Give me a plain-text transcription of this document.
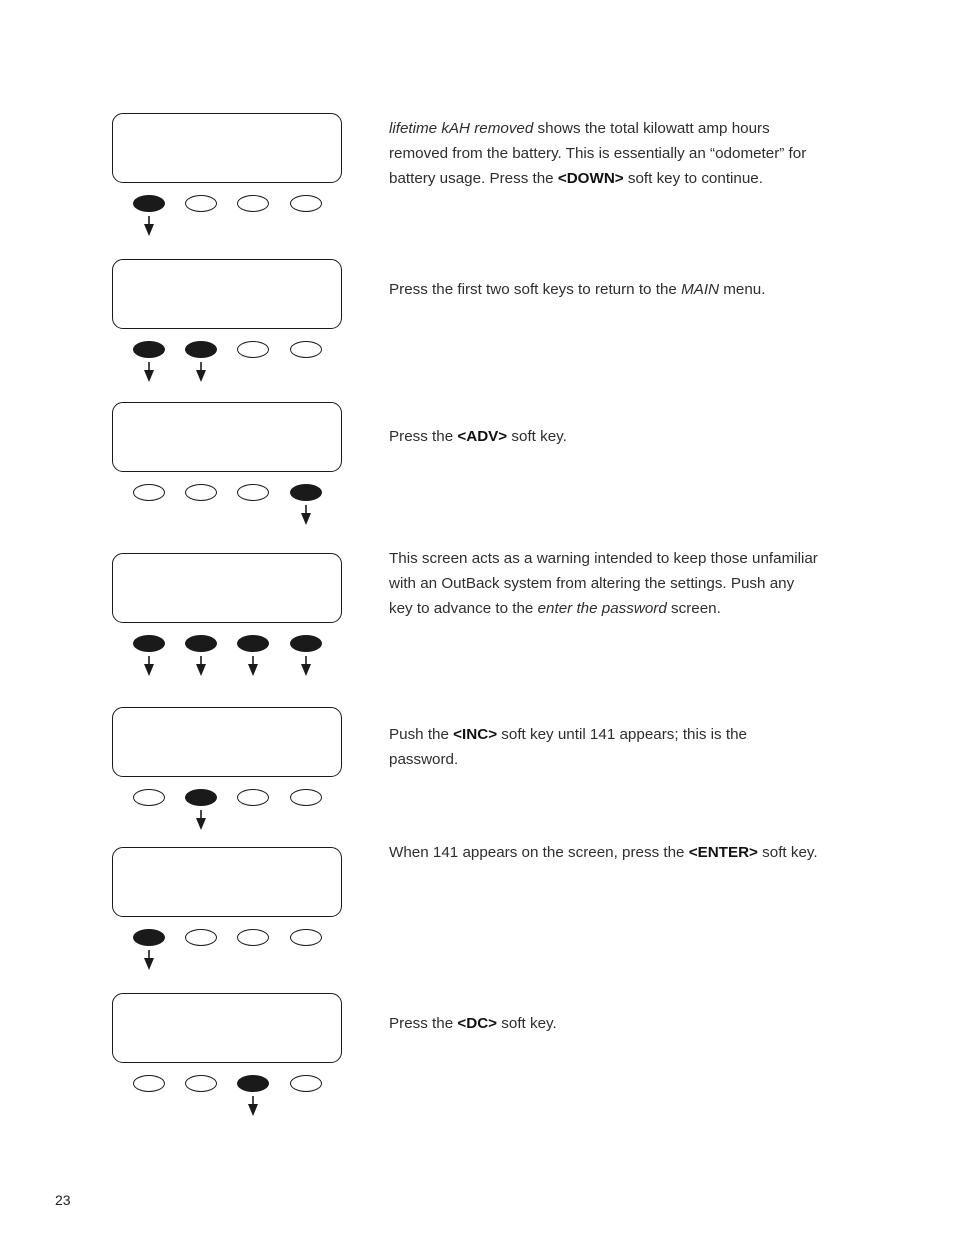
lifetime kAH removed shows the total kilowatt amp hours removed from the battery. This is essentially an “odometer” for battery usage. Press the <DOWN> soft key to continue.
Press the first two soft keys to return to the MAIN menu.
Press the <ADV> soft key.
This screen acts as a warning intended to keep those unfamiliar with an OutBack system from altering the settings. Push any key to advance to the enter the password screen.
Push the <INC> soft key until 141 appears; this is the password.
When 141 appears on the screen, press the <ENTER> soft key.
Press the <DC> soft key.
23
